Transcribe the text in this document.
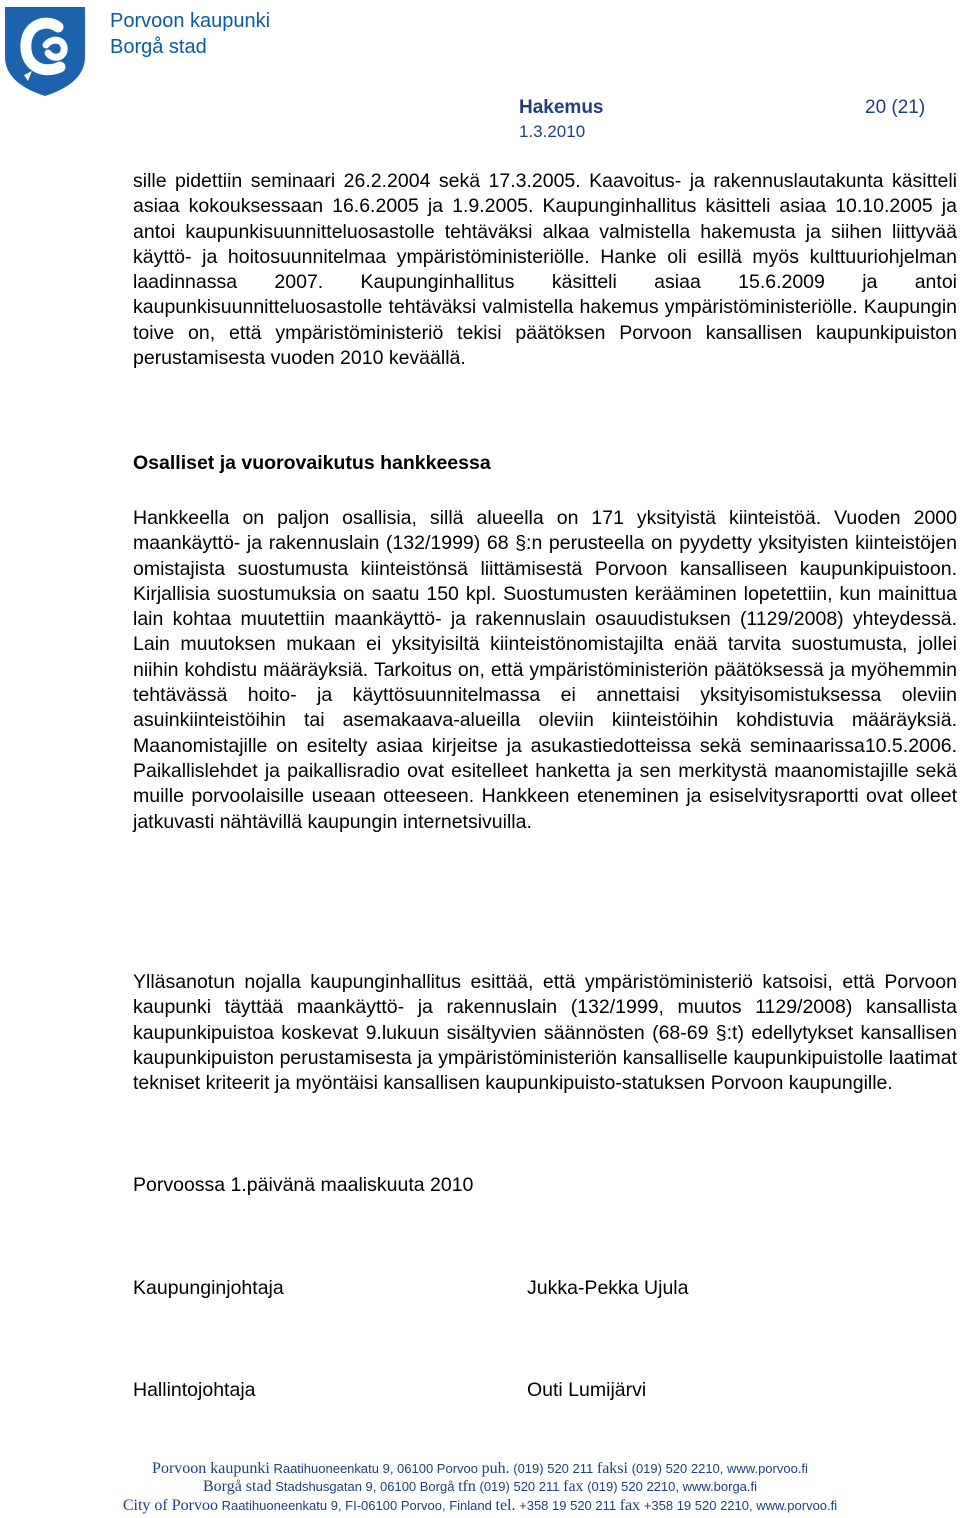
Porvoon kaupunki
Borgå stad
Hakemus	20 (21)
1.3.2010
sille pidettiin seminaari 26.2.2004 sekä 17.3.2005. Kaavoitus- ja rakennuslautakunta käsitteli asiaa kokouksessaan 16.6.2005 ja 1.9.2005. Kaupunginhallitus käsitteli asiaa 10.10.2005 ja antoi kaupunkisuunnitteluosastolle tehtäväksi alkaa valmistella hakemusta ja siihen liittyvää käyttö- ja hoitosuunnitelmaa ympäristöministeriölle. Hanke oli esillä myös kulttuuriohjelman laadinnassa 2007. Kaupunginhallitus käsitteli asiaa 15.6.2009 ja antoi kaupunkisuunnitteluosastolle tehtäväksi valmistella hakemus ympäristöministeriölle. Kaupungin toive on, että ympäristöministeriö tekisi päätöksen Porvoon kansallisen kaupunkipuiston perustamisesta vuoden 2010 keväällä.
Osalliset ja vuorovaikutus hankkeessa
Hankkeella on paljon osallisia, sillä alueella on 171 yksityistä kiinteistöä. Vuoden 2000 maankäyttö- ja rakennuslain (132/1999) 68 §:n perusteella on pyydetty yksityisten kiinteistöjen omistajista suostumusta kiinteistönsä liittämisestä Porvoon kansalliseen kaupunkipuistoon. Kirjallisia suostumuksia on saatu 150 kpl. Suostumusten kerääminen lopetettiin, kun mainittua lain kohtaa muutettiin maankäyttö- ja rakennuslain osauudistuksen (1129/2008) yhteydessä. Lain muutoksen mukaan ei yksityisiltä kiinteistönomistajilta enää tarvita suostumusta, jollei niihin kohdistu määräyksiä. Tarkoitus on, että ympäristöministeriön päätöksessä ja myöhemmin tehtävässä hoito- ja käyttösuunnitelmassa ei annettaisi yksityisomistuksessa oleviin asuinkiinteistöihin tai asemakaava-alueilla oleviin kiinteistöihin kohdistuvia määräyksiä. Maanomistajille on esitelty asiaa kirjeitse ja asukastiedotteissa sekä seminaarissa10.5.2006. Paikallislehdet ja paikallisradio ovat esitelleet hanketta ja sen merkitystä maanomistajille sekä muille porvoolaisille useaan otteeseen. Hankkeen eteneminen ja esiselvitysraportti ovat olleet jatkuvasti nähtävillä kaupungin internetsivuilla.
Ylläsanotun nojalla kaupunginhallitus esittää, että ympäristöministeriö katsoisi, että Porvoon kaupunki täyttää maankäyttö- ja rakennuslain (132/1999, muutos 1129/2008) kansallista kaupunkipuistoa koskevat 9.lukuun sisältyvien säännösten (68-69 §:t) edellytykset kansallisen kaupunkipuiston perustamisesta ja ympäristöministeriön kansalliselle kaupunkipuistolle laatimat tekniset kriteerit ja myöntäisi kansallisen kaupunkipuisto-statuksen Porvoon kaupungille.
Porvoossa 1.päivänä maaliskuuta 2010
Kaupunginjohtaja	Jukka-Pekka Ujula
Hallintojohtaja	Outi Lumijärvi
Porvoon kaupunki Raatihuoneenkatu 9, 06100 Porvoo puh. (019) 520 211 faksi (019) 520 2210, www.porvoo.fi
Borgå stad Stadshusgatan 9, 06100 Borgå tfn (019) 520 211 fax (019) 520 2210, www.borga.fi
City of Porvoo Raatihuoneenkatu 9, FI-06100 Porvoo, Finland tel. +358 19 520 211 fax +358 19 520 2210, www.porvoo.fi
